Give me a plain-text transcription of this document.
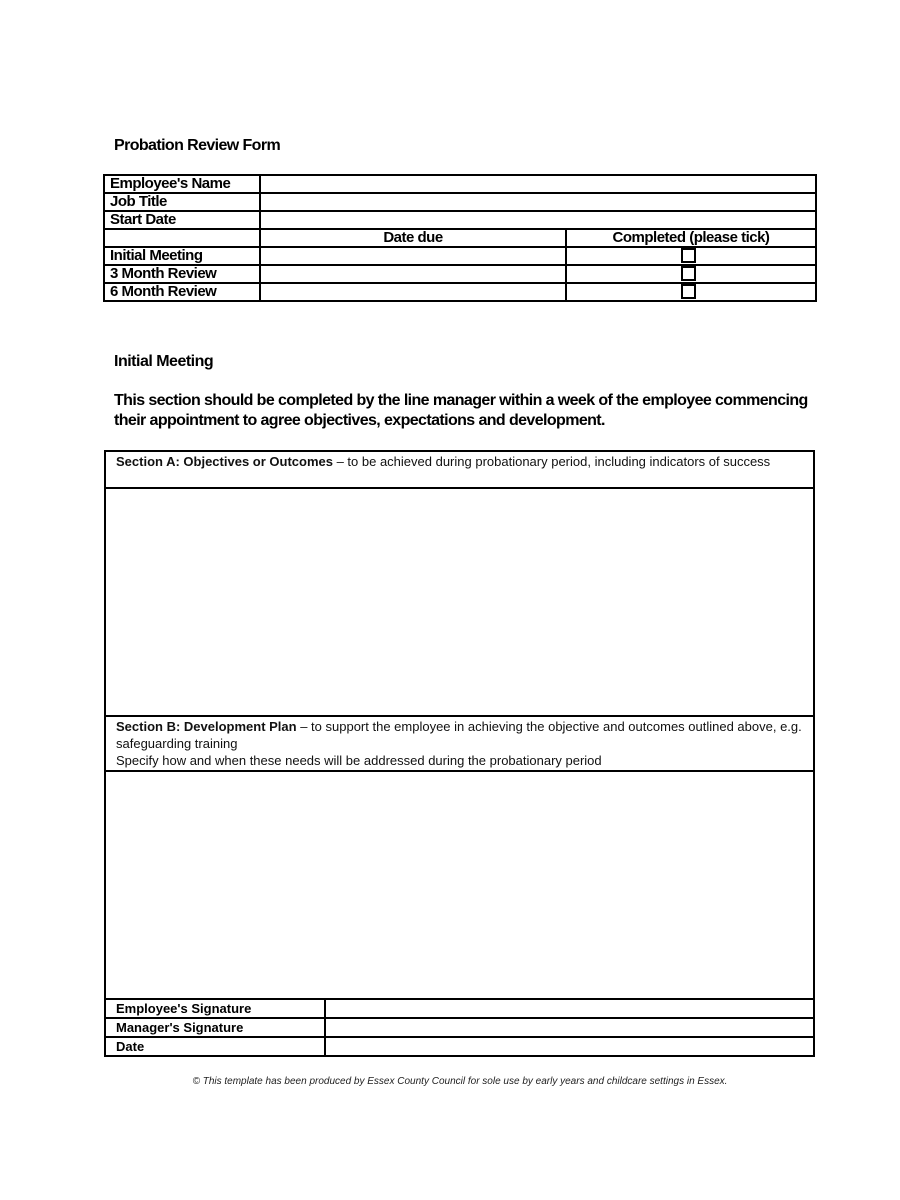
Probation Review Form
Employee's Name		
Job Title		
Start Date		
	Date due	Completed (please tick)
Initial Meeting		
3 Month Review		
6 Month Review		
Initial Meeting
This section should be completed by the line manager within a week of the employee commencing their appointment to agree objectives, expectations and development.
Section A: Objectives or Outcomes – to be achieved during probationary period, including indicators of success
Section B: Development Plan – to support the employee in achieving the objective and outcomes outlined above, e.g. safeguarding training
Specify how and when these needs will be addressed during the probationary period
Employee's Signature	
Manager's Signature	
Date	
© This template has been produced by Essex County Council for sole use by early years and childcare settings in Essex.
